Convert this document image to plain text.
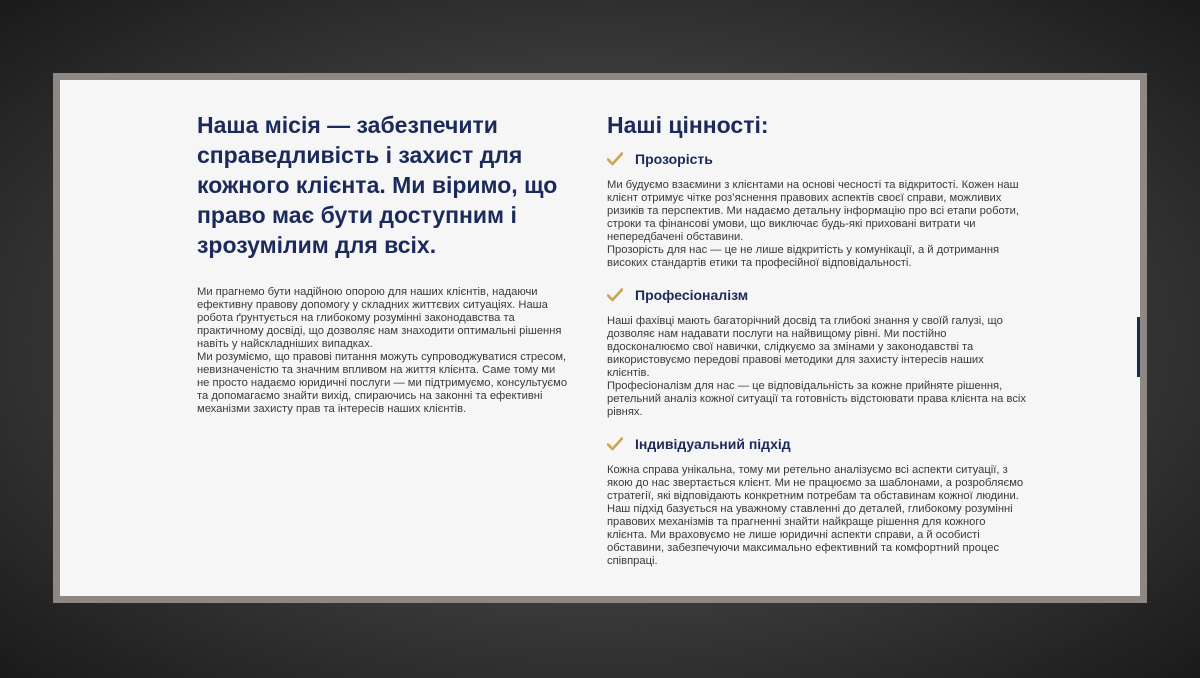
Наша місія — забезпечити справедливість і захист для кожного клієнта. Ми віримо, що право має бути доступним і зрозумілим для всіх.

Ми прагнемо бути надійною опорою для наших клієнтів, надаючи ефективну правову допомогу у складних життєвих ситуаціях. Наша робота ґрунтується на глибокому розумінні законодавства та практичному досвіді, що дозволяє нам знаходити оптимальні рішення навіть у найскладніших випадках.
Ми розуміємо, що правові питання можуть супроводжуватися стресом, невизначеністю та значним впливом на життя клієнта. Саме тому ми не просто надаємо юридичні послуги — ми підтримуємо, консультуємо та допомагаємо знайти вихід, спираючись на законні та ефективні механізми захисту прав та інтересів наших клієнтів.

Наші цінності:
Прозорість

Ми будуємо взаємини з клієнтами на основі чесності та відкритості. Кожен наш клієнт отримує чітке роз’яснення правових аспектів своєї справи, можливих ризиків та перспектив. Ми надаємо детальну інформацію про всі етапи роботи, строки та фінансові умови, що виключає будь-які приховані витрати чи непередбачені обставини.
Прозорість для нас — це не лише відкритість у комунікації, а й дотримання високих стандартів етики та професійної відповідальності.

Професіоналізм

Наші фахівці мають багаторічний досвід та глибокі знання у своїй галузі, що дозволяє нам надавати послуги на найвищому рівні. Ми постійно вдосконалюємо свої навички, слідкуємо за змінами у законодавстві та використовуємо передові правові методики для захисту інтересів наших клієнтів.
Професіоналізм для нас — це відповідальність за кожне прийняте рішення, ретельний аналіз кожної ситуації та готовність відстоювати права клієнта на всіх рівнях.

Індивідуальний підхід

Кожна справа унікальна, тому ми ретельно аналізуємо всі аспекти ситуації, з якою до нас звертається клієнт. Ми не працюємо за шаблонами, а розробляємо стратегії, які відповідають конкретним потребам та обставинам кожної людини.
Наш підхід базується на уважному ставленні до деталей, глибокому розумінні правових механізмів та прагненні знайти найкраще рішення для кожного клієнта. Ми враховуємо не лише юридичні аспекти справи, а й особисті обставини, забезпечуючи максимально ефективний та комфортний процес співпраці.
